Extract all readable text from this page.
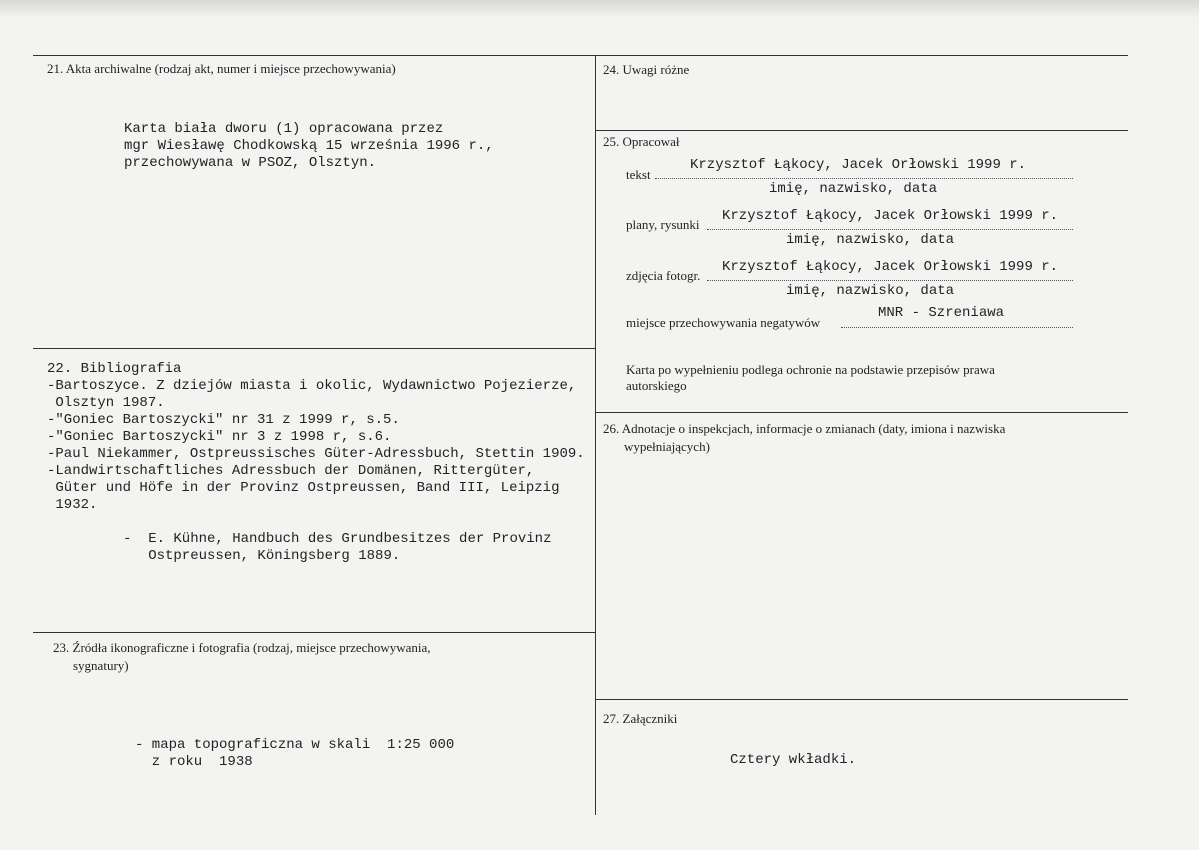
21. Akta archiwalne (rodzaj akt, numer i miejsce przechowywania)
Karta biała dworu (1) opracowana przez
mgr Wiesławę Chodkowską 15 września 1996 r.,
przechowywana w PSOZ, Olsztyn.
22. Bibliografia
-Bartoszyce. Z dziejów miasta i okolic, Wydawnictwo Pojezierze,
Olsztyn 1987.
-"Goniec Bartoszycki" nr 31 z 1999 r, s.5.
-"Goniec Bartoszycki" nr 3 z 1998 r, s.6.
-Paul Niekammer, Ostpreussisches Güter-Adressbuch, Stettin 1909.
-Landwirtschaftliches Adressbuch der Domänen, Rittergüter,
Güter und Höfe in der Provinz Ostpreussen, Band III, Leipzig
1932.
-  E. Kühne, Handbuch des Grundbesitzes der Provinz
Ostpreussen, Köningsberg 1889.
23. Źródła ikonograficzne i fotografia (rodzaj, miejsce przechowywania,
sygnatury)
- mapa topograficzna w skali  1:25 000
z roku  1938
24. Uwagi różne
25. Opracował
Krzysztof Łąkocy, Jacek Orłowski 1999 r.
tekst
imię, nazwisko, data
Krzysztof Łąkocy, Jacek Orłowski 1999 r.
plany, rysunki
imię, nazwisko, data
Krzysztof Łąkocy, Jacek Orłowski 1999 r.
zdjęcia fotogr.
imię, nazwisko, data
MNR - Szreniawa
miejsce przechowywania negatywów
Karta po wypełnieniu podlega ochronie na podstawie przepisów prawa
autorskiego
26. Adnotacje o inspekcjach, informacje o zmianach (daty, imiona i nazwiska
wypełniających)
27. Załączniki
Cztery wkładki.
